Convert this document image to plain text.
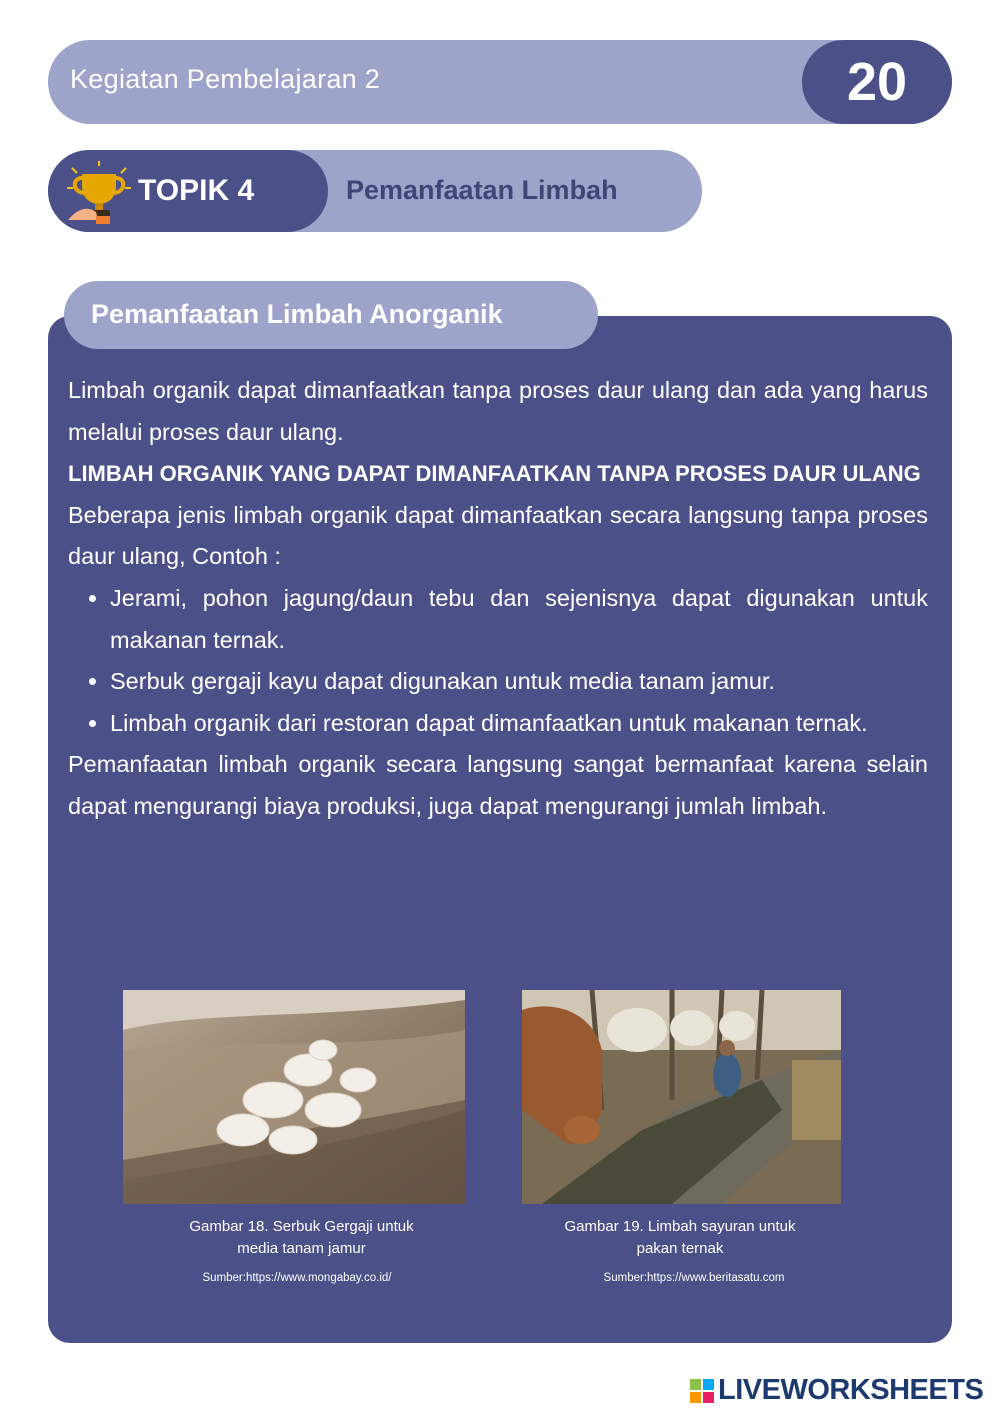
Kegiatan Pembelajaran 2	20
TOPIK 4	Pemanfaatan Limbah
Pemanfaatan Limbah Anorganik

Limbah organik dapat dimanfaatkan tanpa proses daur ulang dan ada yang harus melalui proses daur ulang.

LIMBAH ORGANIK YANG DAPAT DIMANFAATKAN TANPA PROSES DAUR ULANG

Beberapa jenis limbah organik dapat dimanfaatkan secara langsung tanpa proses daur ulang, Contoh :

• Jerami, pohon jagung/daun tebu dan sejenisnya dapat digunakan untuk makanan ternak.
• Serbuk gergaji kayu dapat digunakan untuk media tanam jamur.
• Limbah organik dari restoran dapat dimanfaatkan untuk makanan ternak.

Pemanfaatan limbah organik secara langsung sangat bermanfaat karena selain dapat mengurangi biaya produksi, juga dapat mengurangi jumlah limbah.

Gambar 18. Serbuk Gergaji untuk
media tanam jamur
Sumber:https://www.mongabay.co.id/
Gambar 19. Limbah sayuran untuk
pakan ternak
Sumber:https://www.beritasatu.com
LIVEWORKSHEETS
